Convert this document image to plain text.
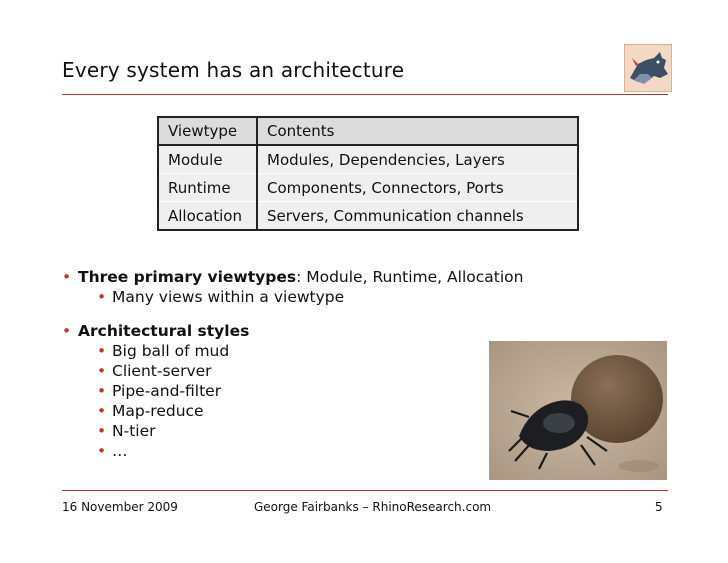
Every system has an architecture
Viewtype	Contents
Module	Modules, Dependencies, Layers
Runtime	Components, Connectors, Ports
Allocation	Servers, Communication channels
• Three primary viewtypes: Module, Runtime, Allocation
• Many views within a viewtype
• Architectural styles
• Big ball of mud
• Client-server
• Pipe-and-filter
• Map-reduce
• N-tier
• …
16 November 2009	George Fairbanks – RhinoResearch.com	5
